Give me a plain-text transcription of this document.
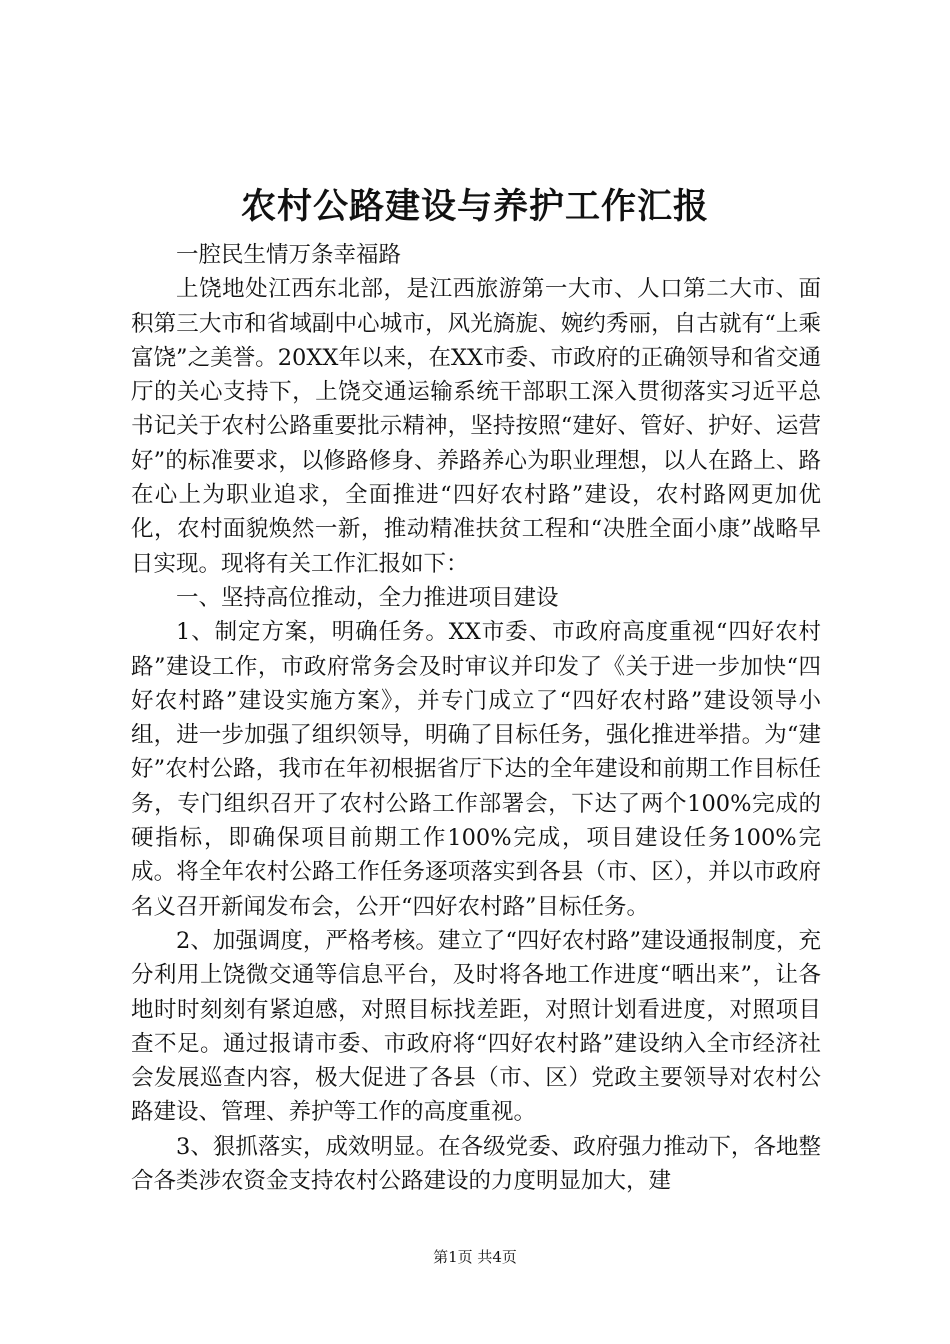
农村公路建设与养护工作汇报

一腔民生情万条幸福路

上饶地处江西东北部，是江西旅游第一大市、人口第二大市、面积第三大市和省域副中心城市，风光旖旎、婉约秀丽，自古就有“上乘富饶”之美誉。20XX年以来，在XX市委、市政府的正确领导和省交通厅的关心支持下，上饶交通运输系统干部职工深入贯彻落实习近平总书记关于农村公路重要批示精神，坚持按照“建好、管好、护好、运营好”的标准要求，以修路修身、养路养心为职业理想，以人在路上、路在心上为职业追求，全面推进“四好农村路”建设，农村路网更加优化，农村面貌焕然一新，推动精准扶贫工程和“决胜全面小康”战略早日实现。现将有关工作汇报如下：

一、坚持高位推动，全力推进项目建设

1、制定方案，明确任务。XX市委、市政府高度重视“四好农村路”建设工作，市政府常务会及时审议并印发了《关于进一步加快“四好农村路”建设实施方案》，并专门成立了“四好农村路”建设领导小组，进一步加强了组织领导，明确了目标任务，强化推进举措。为“建好”农村公路，我市在年初根据省厅下达的全年建设和前期工作目标任务，专门组织召开了农村公路工作部署会，下达了两个100%完成的硬指标，即确保项目前期工作100%完成，项目建设任务100%完成。将全年农村公路工作任务逐项落实到各县（市、区），并以市政府名义召开新闻发布会，公开“四好农村路”目标任务。

2、加强调度，严格考核。建立了“四好农村路”建设通报制度，充分利用上饶微交通等信息平台，及时将各地工作进度“晒出来”，让各地时时刻刻有紧迫感，对照目标找差距，对照计划看进度，对照项目查不足。通过报请市委、市政府将“四好农村路”建设纳入全市经济社会发展巡查内容，极大促进了各县（市、区）党政主要领导对农村公路建设、管理、养护等工作的高度重视。

3、狠抓落实，成效明显。在各级党委、政府强力推动下，各地整合各类涉农资金支持农村公路建设的力度明显加大，建

第1页 共4页
